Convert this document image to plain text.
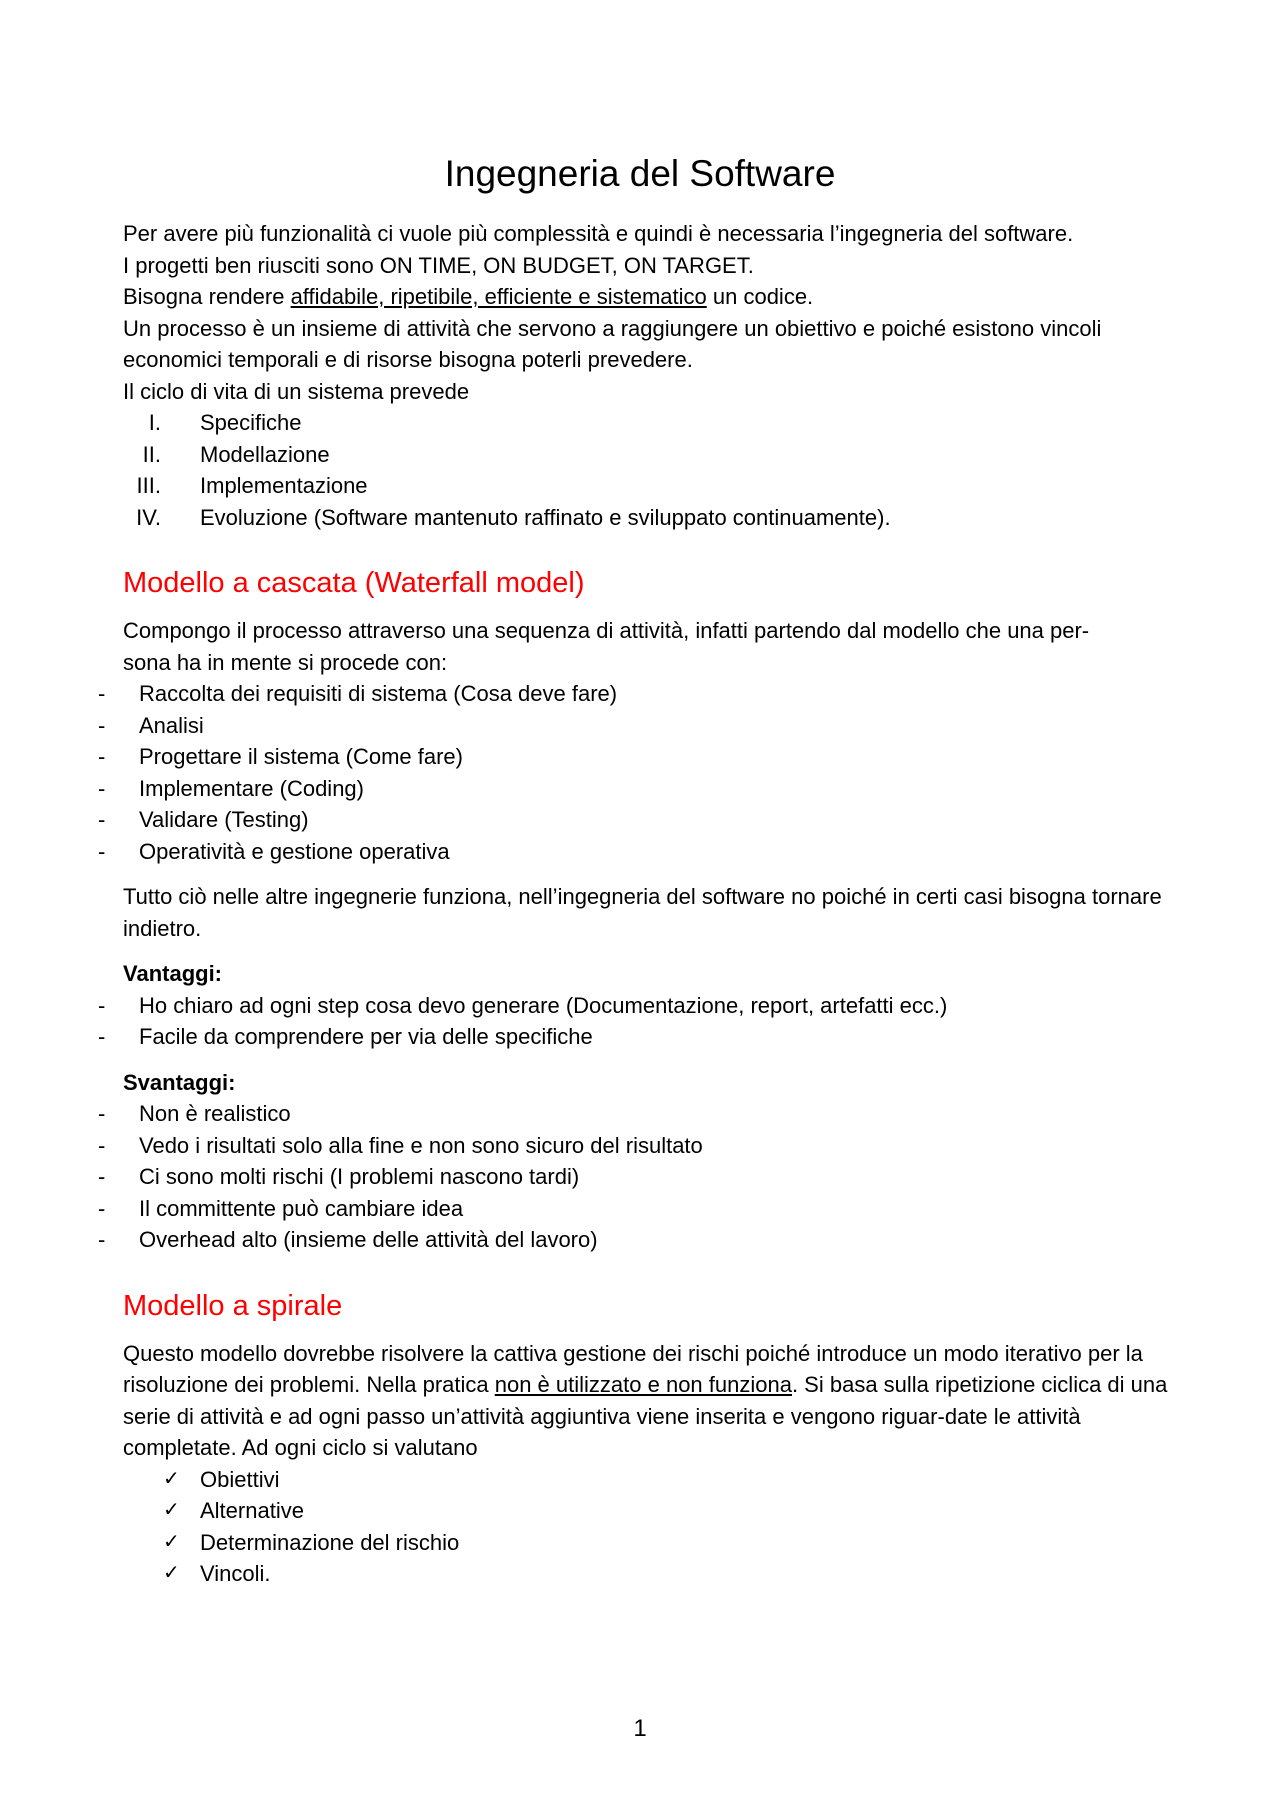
Ingegneria del Software

Per avere più funzionalità ci vuole più complessità e quindi è necessaria l’ingegneria del software.

I progetti ben riusciti sono ON TIME, ON BUDGET, ON TARGET.

Bisogna rendere affidabile, ripetibile, efficiente e sistematico un codice.

Un processo è un insieme di attività che servono a raggiungere un obiettivo e poiché esistono vincoli economici temporali e di risorse bisogna poterli prevedere.

Il ciclo di vita di un sistema prevede

I. Specifiche
II. Modellazione
III. Implementazione
IV. Evoluzione (Software mantenuto raffinato e sviluppato continuamente).
Modello a cascata (Waterfall model)

Compongo il processo attraverso una sequenza di attività, infatti partendo dal modello che una per-

sona ha in mente si procede con:

- Raccolta dei requisiti di sistema (Cosa deve fare)
- Analisi
- Progettare il sistema (Come fare)
- Implementare (Coding)
- Validare (Testing)
- Operatività e gestione operativa

Tutto ciò nelle altre ingegnerie funziona, nell’ingegneria del software no poiché in certi casi bisogna tornare indietro.

Vantaggi:

- Ho chiaro ad ogni step cosa devo generare (Documentazione, report, artefatti ecc.)
- Facile da comprendere per via delle specifiche

Svantaggi:

- Non è realistico
- Vedo i risultati solo alla fine e non sono sicuro del risultato
- Ci sono molti rischi (I problemi nascono tardi)
- Il committente può cambiare idea
- Overhead alto (insieme delle attività del lavoro)
Modello a spirale

Questo modello dovrebbe risolvere la cattiva gestione dei rischi poiché introduce un modo iterativo per la risoluzione dei problemi. Nella pratica non è utilizzato e non funziona. Si basa sulla ripetizione ciclica di una serie di attività e ad ogni passo un’attività aggiuntiva viene inserita e vengono riguar-date le attività completate. Ad ogni ciclo si valutano

✓ Obiettivi
✓ Alternative
✓ Determinazione del rischio
✓ Vincoli.
1
